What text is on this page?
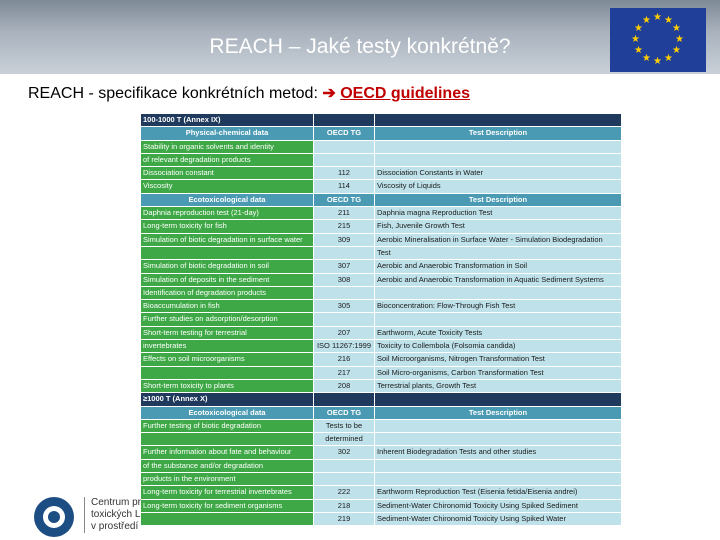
REACH – Jaké testy konkrétně?
★ ★
★
★
★
★
★
★
★
★
★
★
REACH - specifikace konkrétních metod: ➔ OECD guidelines
100-1000 T (Annex IX)		
Physical-chemical data	OECD TG	Test Description
Stability in organic solvents and identity		
of relevant degradation products		
Dissociation constant	112	Dissociation Constants in Water
Viscosity	114	Viscosity of Liquids
Ecotoxicological data	OECD TG	Test Description
Daphnia reproduction test (21-day)	211	Daphnia magna Reproduction Test
Long-term toxicity for fish	215	Fish, Juvenile Growth Test
Simulation of biotic degradation in surface water	309	Aerobic Mineralisation in Surface Water - Simulation Biodegradation
		Test
Simulation of biotic degradation in soil	307	Aerobic and Anaerobic Transformation in Soil
Simulation of deposits in the sediment	308	Aerobic and Anaerobic Transformation in Aquatic Sediment Systems
Identification of degradation products		
Bioaccumulation in fish	305	Bioconcentration: Flow-Through Fish Test
Further studies on adsorption/desorption		
Short-term testing for terrestrial	207	Earthworm, Acute Toxicity Tests
invertebrates	ISO 11267:1999	Toxicity to Collembola (Folsomia candida)
Effects on soil microorganisms	216	Soil Microorganisms, Nitrogen Transformation Test
	217	Soil Micro-organisms, Carbon Transformation Test
Short-term toxicity to plants	208	Terrestrial plants, Growth Test
≥1000 T (Annex X)		
Ecotoxicological data	OECD TG	Test Description
Further testing of biotic degradation	Tests to be	
	determined	
Further information about fate and behaviour	302	Inherent Biodegradation Tests and other studies
of the substance and/or degradation		
products in the environment		
Long-term toxicity for terrestrial invertebrates	222	Earthworm Reproduction Test (Eisenia fetida/Eisenia andrei)
Long-term toxicity for sediment organisms	218	Sediment-Water Chironomid Toxicity Using Spiked Sediment
	219	Sediment-Water Chironomid Toxicity Using Spiked Water
Centrum pr
toxických L
v prostředí
